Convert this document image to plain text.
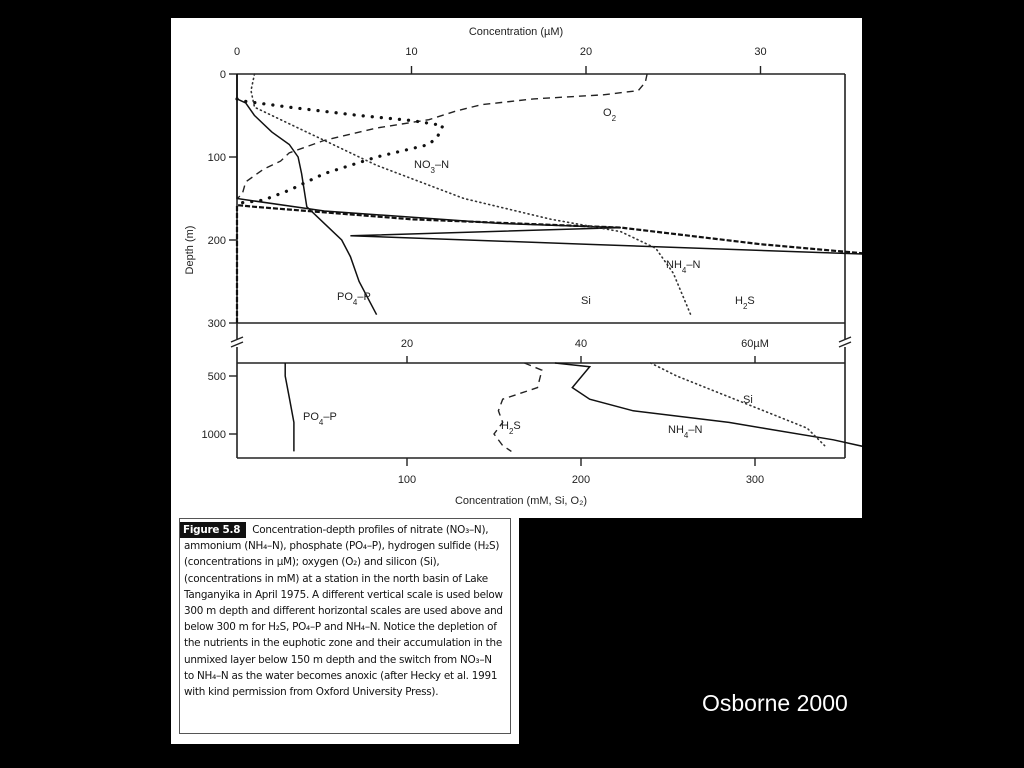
Concentration (µM)
Depth (m)
Concentration (mM, Si, O₂)
0	10	20	30
0
100
200
300
20	40	60µM
100	200	300
500
1000
$O_2$
$NO_3-N$
$PO_4-P$
$NH_4-N$
$H_2S$
Si
$PO_4-P$
$H_2S$	$NH_4-N$
Si
Figure 5.8 Concentration-depth profiles of nitrate (NO₃–N), ammonium (NH₄–N), phosphate (PO₄–P), hydrogen sulfide (H₂S) (concentrations in µM); oxygen (O₂) and silicon (Si), (concentrations in mM) at a station in the north basin of Lake Tanganyika in April 1975. A different vertical scale is used below 300 m depth and different horizontal scales are used above and below 300 m for H₂S, PO₄–P and NH₄–N. Notice the depletion of the nutrients in the euphotic zone and their accumulation in the unmixed layer below 150 m depth and the switch from NO₃–N to NH₄–N as the water becomes anoxic (after Hecky et al. 1991 with kind permission from Oxford University Press).	Osborne 2000
